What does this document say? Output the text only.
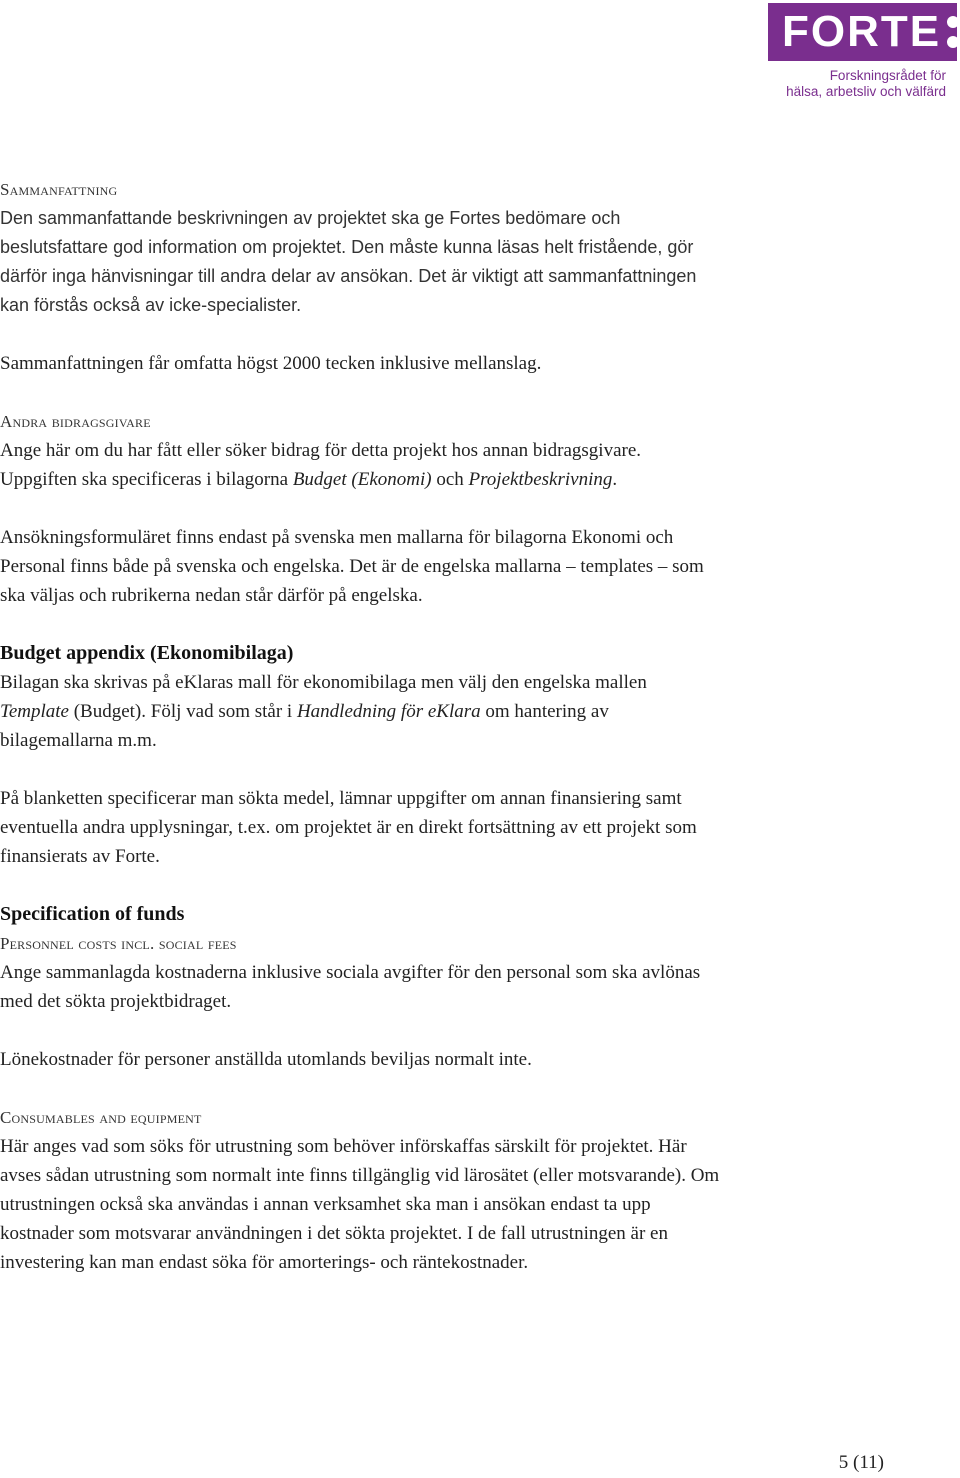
FORTE
Forskningsrådet för
hälsa, arbetsliv och välfärd

Sammanfattning
Den sammanfattande beskrivningen av projektet ska ge Fortes bedömare och beslutsfattare god information om projektet. Den måste kunna läsas helt fristående, gör därför inga hänvisningar till andra delar av ansökan. Det är viktigt att sammanfattningen kan förstås också av icke-specialister.

Sammanfattningen får omfatta högst 2000 tecken inklusive mellanslag.

Andra bidragsgivare
Ange här om du har fått eller söker bidrag för detta projekt hos annan bidragsgivare. Uppgiften ska specificeras i bilagorna Budget (Ekonomi) och Projektbeskrivning.

Ansökningsformuläret finns endast på svenska men mallarna för bilagorna Ekonomi och Personal finns både på svenska och engelska. Det är de engelska mallarna – templates – som ska väljas och rubrikerna nedan står därför på engelska.

Budget appendix (Ekonomibilaga)
Bilagan ska skrivas på eKlaras mall för ekonomibilaga men välj den engelska mallen Template (Budget). Följ vad som står i Handledning för eKlara om hantering av bilagemallarna m.m.

På blanketten specificerar man sökta medel, lämnar uppgifter om annan finansiering samt eventuella andra upplysningar, t.ex. om projektet är en direkt fortsättning av ett projekt som finansierats av Forte.

Specification of funds
Personnel costs incl. social fees
Ange sammanlagda kostnaderna inklusive sociala avgifter för den personal som ska avlönas med det sökta projektbidraget.

Lönekostnader för personer anställda utomlands beviljas normalt inte.

Consumables and equipment
Här anges vad som söks för utrustning som behöver införskaffas särskilt för projektet. Här avses sådan utrustning som normalt inte finns tillgänglig vid lärosätet (eller motsvarande). Om utrustningen också ska användas i annan verksamhet ska man i ansökan endast ta upp kostnader som motsvarar användningen i det sökta projektet. I de fall utrustningen är en investering kan man endast söka för amorterings- och räntekostnader.

5 (11)
